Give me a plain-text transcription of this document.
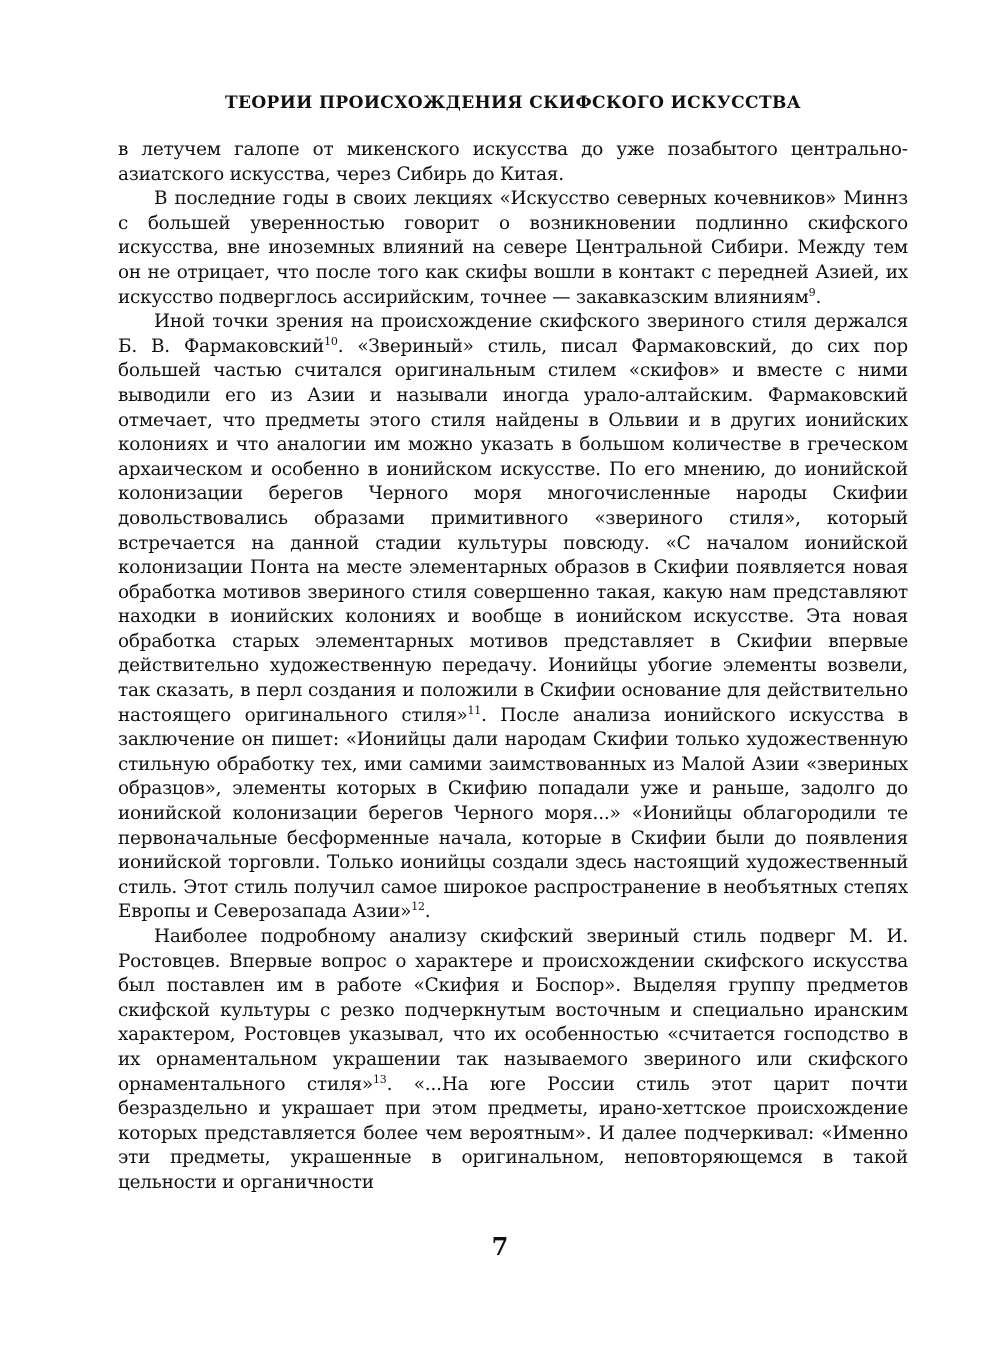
ТЕОРИИ ПРОИСХОЖДЕНИЯ СКИФСКОГО ИСКУССТВА

в летучем галопе от микенского искусства до уже позабытого центральноазиатского искусства, через Сибирь до Китая.

В последние годы в своих лекциях «Искусство северных кочевников» Миннз с большей уверенностью говорит о возникновении подлинно скифского искусства, вне иноземных влияний на севере Центральной Сибири. Между тем он не отрицает, что после того как скифы вошли в контакт с передней Азией, их искусство подверглось ассирийским, точнее — закавказским влияниям$^9$.

Иной точки зрения на происхождение скифского звериного стиля держался Б. В. Фармаковский$^{10}$. «Звериный» стиль, писал Фармаковский, до сих пор большей частью считался оригинальным стилем «скифов» и вместе с ними выводили его из Азии и называли иногда урало-алтайским. Фармаковский отмечает, что предметы этого стиля найдены в Ольвии и в других ионийских колониях и что аналогии им можно указать в большом количестве в греческом архаическом и особенно в ионийском искусстве. По его мнению, до ионийской колонизации берегов Черного моря многочисленные народы Скифии довольствовались образами примитивного «звериного стиля», который встречается на данной стадии культуры повсюду. «С началом ионийской колонизации Понта на месте элементарных образов в Скифии появляется новая обработка мотивов звериного стиля совершенно такая, какую нам представляют находки в ионийских колониях и вообще в ионийском искусстве. Эта новая обработка старых элементарных мотивов представляет в Скифии впервые действительно художественную передачу. Ионийцы убогие элементы возвели, так сказать, в перл создания и положили в Скифии основание для действительно настоящего оригинального стиля»$^{11}$. После анализа ионийского искусства в заключение он пишет: «Ионийцы дали народам Скифии только художественную стильную обработку тех, ими самими заимствованных из Малой Азии «звериных образцов», элементы которых в Скифию попадали уже и раньше, задолго до ионийской колонизации берегов Черного моря...» «Ионийцы облагородили те первоначальные бесформенные начала, которые в Скифии были до появления ионийской торговли. Только ионийцы создали здесь настоящий художественный стиль. Этот стиль получил самое широкое распространение в необъятных степях Европы и Северозапада Азии»$^{12}$.

Наиболее подробному анализу скифский звериный стиль подверг М. И. Ростовцев. Впервые вопрос о характере и происхождении скифского искусства был поставлен им в работе «Скифия и Боспор». Выделяя группу предметов скифской культуры с резко подчеркнутым восточным и специально иранским характером, Ростовцев указывал, что их особенностью «считается господство в их орнаментальном украшении так называемого звериного или скифского орнаментального стиля»$^{13}$. «...На юге России стиль этот царит почти безраздельно и украшает при этом предметы, ирано-хеттское происхождение которых представляется более чем вероятным». И далее подчеркивал: «Именно эти предметы, украшенные в оригинальном, неповторяющемся в такой цельности и органичности

7
